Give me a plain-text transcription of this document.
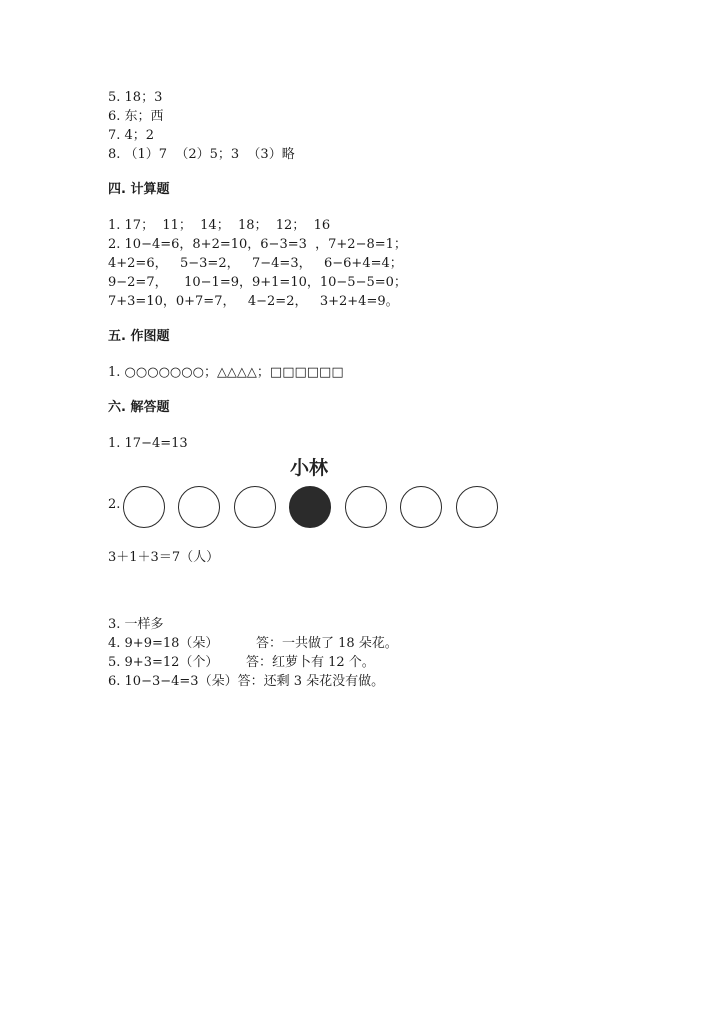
5. 18；3
6. 东；西
7. 4；2
8. （1）7  （2）5；3  （3）略
四. 计算题
1. 17；  11；  14；  18；  12；  16
2. 10−4=6，8+2=10，6−3=3  ，7+2−8=1；
4+2=6，   5−3=2，   7−4=3，   6−6+4=4；
9−2=7，    10−1=9，9+1=10，10−5−5=0；
7+3=10，0+7=7，   4−2=2，   3+2+4=9。
五. 作图题
1. ○○○○○○○；△△△△；□□□□□□
六. 解答题
1. 17−4=13
小林
2.
3＋1＋3＝7（人）
3. 一样多
4. 9+9=18（朵）	答：一共做了 18 朵花。
5. 9+3=12（个） 答：红萝卜有 12 个。
6. 10−3−4=3（朵）答：还剩 3 朵花没有做。
